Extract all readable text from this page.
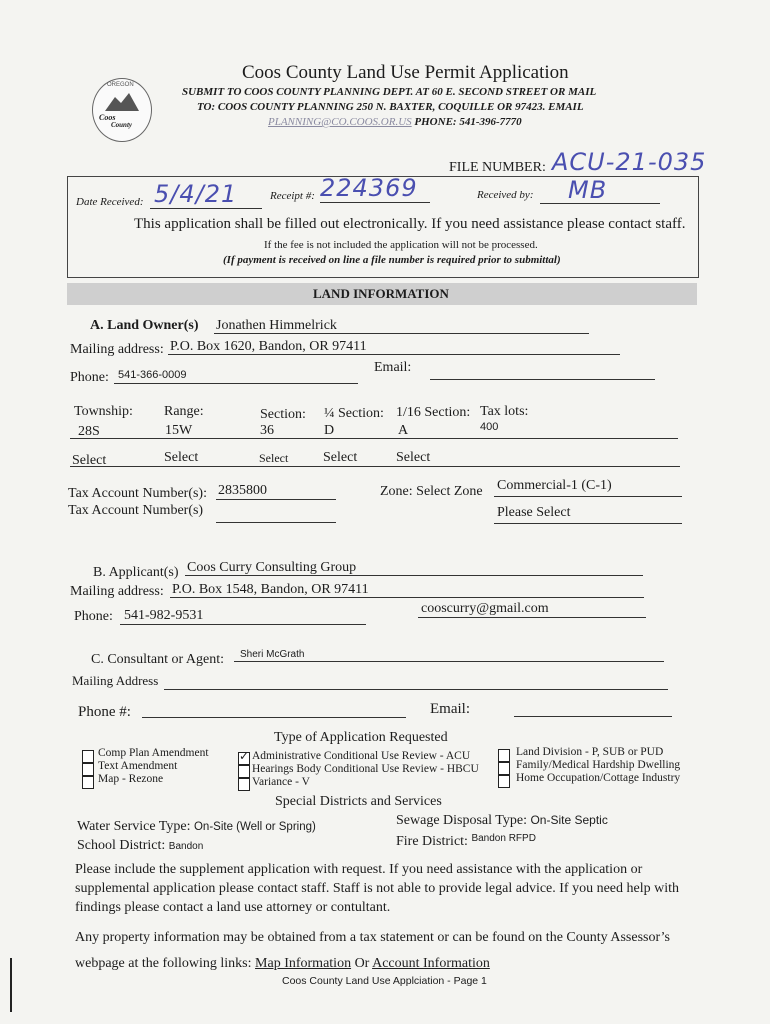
OREGON
Coos
County
Coos County Land Use Permit Application
SUBMIT TO COOS COUNTY PLANNING DEPT. AT 60 E. SECOND STREET OR MAIL
TO: COOS COUNTY PLANNING 250 N. BAXTER, COQUILLE OR 97423. EMAIL
PLANNING@CO.COOS.OR.US PHONE: 541-396-7770
FILE NUMBER: ACU-21-035
Date Received: 5/4/21	Receipt #: 224369	Received by: MB
This application shall be filled out electronically. If you need assistance please contact staff.
If the fee is not included the application will not be processed.
(If payment is received on line a file number is required prior to submittal)
LAND INFORMATION
A. Land Owner(s) Jonathen Himmelrick
Mailing address: P.O. Box 1620, Bandon, OR 97411
Phone: 541-366-0009	Email:
Township: Range:	Section: ¼ Section: 1/16 Section: Tax lots:
28S	15W	36	D	A	400
Select	Select	Select Select	Select
Tax Account Number(s): 2835800
Tax Account Number(s)
Zone: Select Zone Commercial-1 (C-1)
Please Select
B. Applicant(s) Coos Curry Consulting Group
Mailing address: P.O. Box 1548, Bandon, OR 97411
Phone: 541-982-9531	cooscurry@gmail.com
C. Consultant or Agent: Sheri McGrath
Mailing Address
Phone #:	Email:
Type of Application Requested
Comp Plan Amendment
Text Amendment
Map - Rezone
✓ Administrative Conditional Use Review - ACU
Hearings Body Conditional Use Review - HBCU
Variance - V
Land Division - P, SUB or PUD
Family/Medical Hardship Dwelling
Home Occupation/Cottage Industry
Special Districts and Services
Water Service Type: On-Site (Well or Spring)	Sewage Disposal Type: On-Site Septic
School District: Bandon	Fire District: $^{Bandon RFPD}$
Please include the supplement application with request. If you need assistance with the application or supplemental application please contact staff. Staff is not able to provide legal advice. If you need help with findings please contact a land use attorney or contultant.
Any property information may be obtained from a tax statement or can be found on the County Assessor’s webpage at the following links: Map Information Or Account Information
Coos County Land Use Applciation - Page 1
